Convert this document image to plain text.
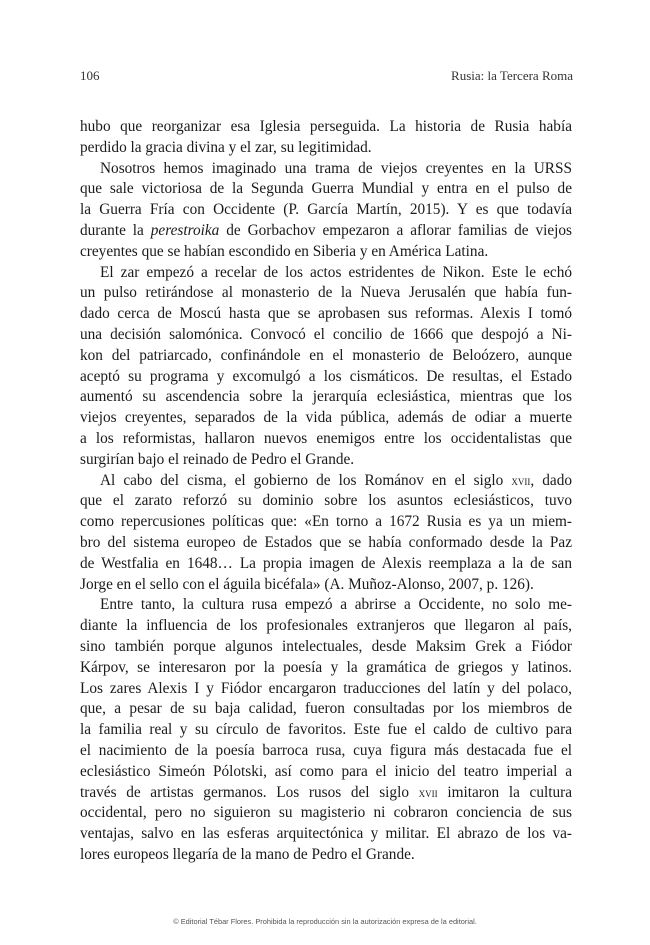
106	Rusia: la Tercera Roma
hubo que reorganizar esa Iglesia perseguida. La historia de Rusia había
perdido la gracia divina y el zar, su legitimidad.
Nosotros hemos imaginado una trama de viejos creyentes en la URSS
que sale victoriosa de la Segunda Guerra Mundial y entra en el pulso de
la Guerra Fría con Occidente (P. García Martín, 2015). Y es que todavía
durante la perestroika de Gorbachov empezaron a aflorar familias de viejos
creyentes que se habían escondido en Siberia y en América Latina.
El zar empezó a recelar de los actos estridentes de Nikon. Este le echó
un pulso retirándose al monasterio de la Nueva Jerusalén que había fun-
dado cerca de Moscú hasta que se aprobasen sus reformas. Alexis I tomó
una decisión salomónica. Convocó el concilio de 1666 que despojó a Ni-
kon del patriarcado, confinándole en el monasterio de Beloózero, aunque
aceptó su programa y excomulgó a los cismáticos. De resultas, el Estado
aumentó su ascendencia sobre la jerarquía eclesiástica, mientras que los
viejos creyentes, separados de la vida pública, además de odiar a muerte
a los reformistas, hallaron nuevos enemigos entre los occidentalistas que
surgirían bajo el reinado de Pedro el Grande.
Al cabo del cisma, el gobierno de los Románov en el siglo xvii, dado
que el zarato reforzó su dominio sobre los asuntos eclesiásticos, tuvo
como repercusiones políticas que: «En torno a 1672 Rusia es ya un miem-
bro del sistema europeo de Estados que se había conformado desde la Paz
de Westfalia en 1648… La propia imagen de Alexis reemplaza a la de san
Jorge en el sello con el águila bicéfala» (A. Muñoz-Alonso, 2007, p. 126).
Entre tanto, la cultura rusa empezó a abrirse a Occidente, no solo me-
diante la influencia de los profesionales extranjeros que llegaron al país,
sino también porque algunos intelectuales, desde Maksim Grek a Fiódor
Kárpov, se interesaron por la poesía y la gramática de griegos y latinos.
Los zares Alexis I y Fiódor encargaron traducciones del latín y del polaco,
que, a pesar de su baja calidad, fueron consultadas por los miembros de
la familia real y su círculo de favoritos. Este fue el caldo de cultivo para
el nacimiento de la poesía barroca rusa, cuya figura más destacada fue el
eclesiástico Simeón Pólotski, así como para el inicio del teatro imperial a
través de artistas germanos. Los rusos del siglo xvii imitaron la cultura
occidental, pero no siguieron su magisterio ni cobraron conciencia de sus
ventajas, salvo en las esferas arquitectónica y militar. El abrazo de los va-
lores europeos llegaría de la mano de Pedro el Grande.
© Editorial Tébar Flores. Prohibida la reproducción sin la autorización expresa de la editorial.
